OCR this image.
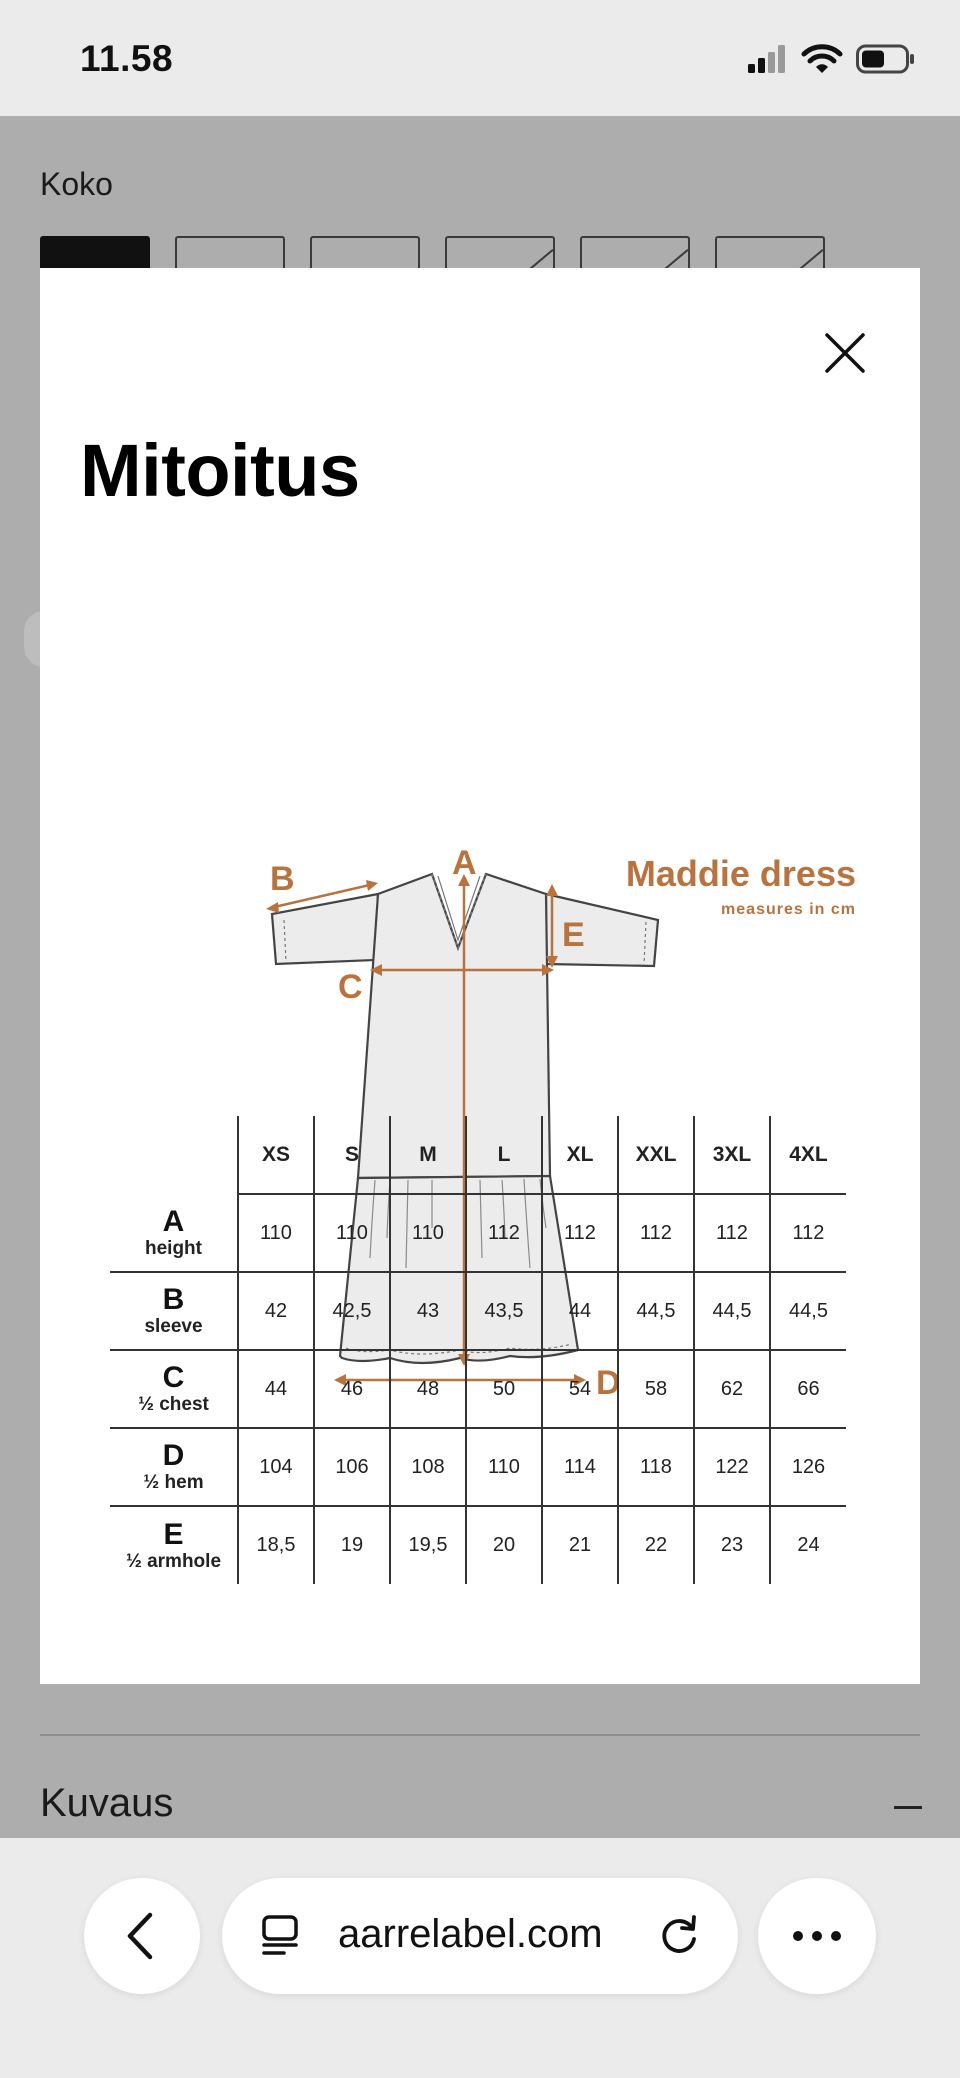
11.58
Koko
Kuvaus
Mitoitus
A
B
C
D
E
Maddie dress
measures in cm
	XS	S	M	L	XL	XXL	3XL	4XL

A
height	110	110	110	112	112	112	112	112

B
sleeve	42	42,5	43	43,5	44	44,5	44,5	44,5

C
½ chest	44	46	48	50	54	58	62	66

D
½ hem	104	106	108	110	114	118	122	126

E
½ armhole	18,5	19	19,5	20	21	22	23	24
aarrelabel.com
